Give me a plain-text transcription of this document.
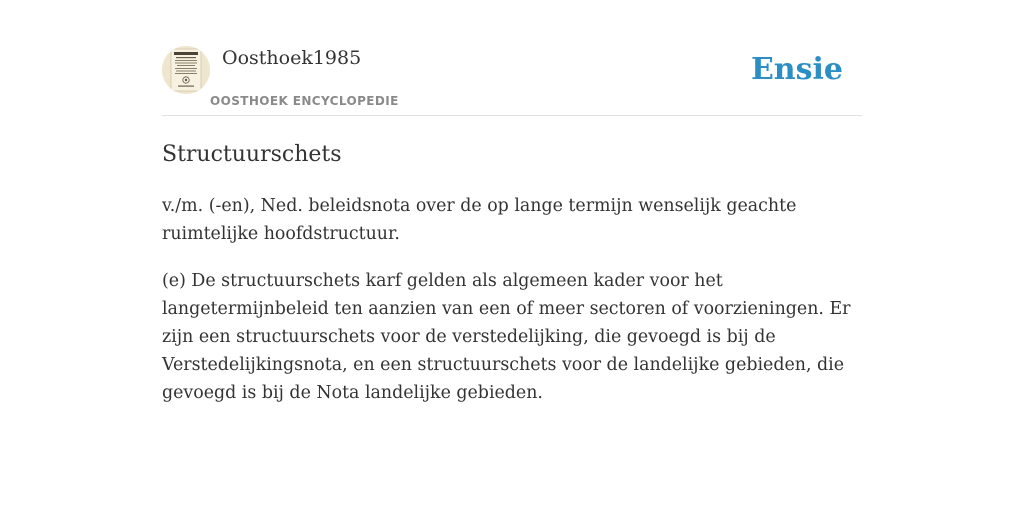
Oosthoek1985
OOSTHOEK ENCYCLOPEDIE
Ensie
Structuurschets

v./m. (-en), Ned. beleidsnota over de op lange termijn wenselijk geachte ruimtelijke hoofdstructuur.

(e) De structuurschets karf gelden als algemeen kader voor het langetermijnbeleid ten aanzien van een of meer sectoren of voorzieningen. Er zijn een structuurschets voor de verstedelijking, die gevoegd is bij de Verstedelijkingsnota, en een structuurschets voor de landelijke gebieden, die gevoegd is bij de Nota landelijke gebieden.
